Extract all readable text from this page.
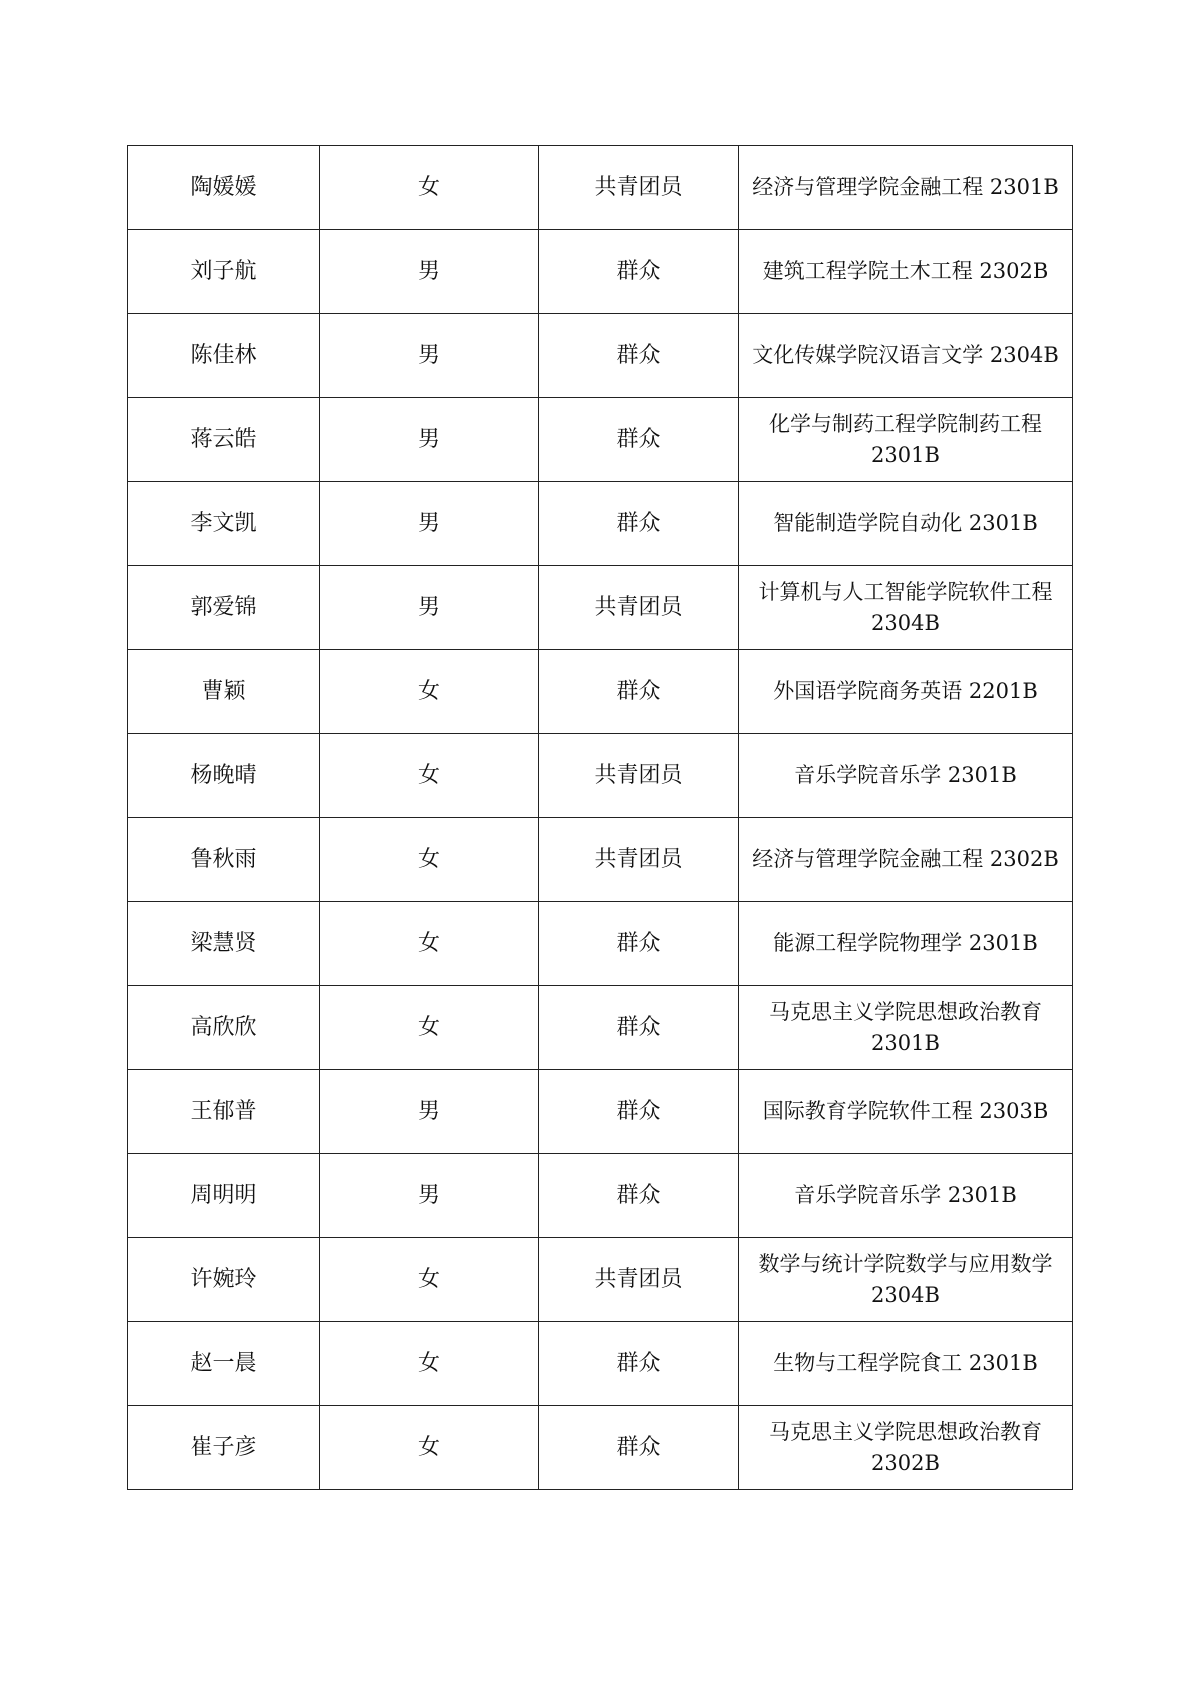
陶媛媛	女	共青团员	经济与管理学院金融工程 2301B
刘子航	男	群众	建筑工程学院土木工程 2302B
陈佳林	男	群众	文化传媒学院汉语言文学 2304B
蒋云皓	男	群众	化学与制药工程学院制药工程 2301B
李文凯	男	群众	智能制造学院自动化 2301B
郭爱锦	男	共青团员	计算机与人工智能学院软件工程 2304B
曹颖	女	群众	外国语学院商务英语 2201B
杨晚晴	女	共青团员	音乐学院音乐学 2301B
鲁秋雨	女	共青团员	经济与管理学院金融工程 2302B
梁慧贤	女	群众	能源工程学院物理学 2301B
高欣欣	女	群众	马克思主义学院思想政治教育 2301B
王郁普	男	群众	国际教育学院软件工程 2303B
周明明	男	群众	音乐学院音乐学 2301B
许婉玲	女	共青团员	数学与统计学院数学与应用数学 2304B
赵一晨	女	群众	生物与工程学院食工 2301B
崔子彦	女	群众	马克思主义学院思想政治教育 2302B
